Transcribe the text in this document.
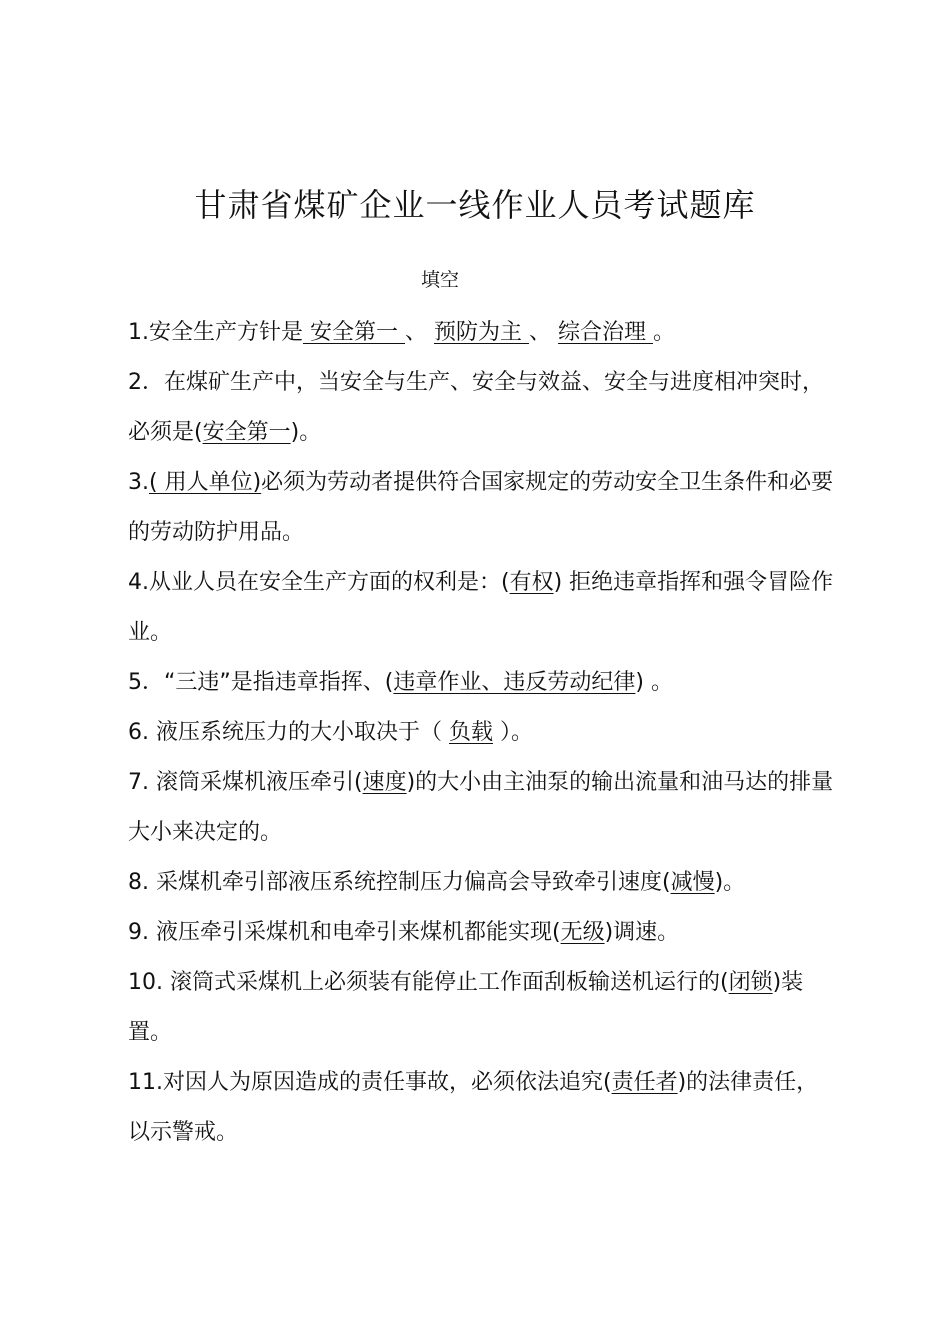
甘肃省煤矿企业一线作业人员考试题库
填空

1.安全生产方针是 安全第一 、 预防为主 、 综合治理 。

2．在煤矿生产中，当安全与生产、安全与效益、安全与进度相冲突时，必须是(安全第一)。

3.( 用人单位)必须为劳动者提供符合国家规定的劳动安全卫生条件和必要的劳动防护用品。

4.从业人员在安全生产方面的权利是：(有权) 拒绝违章指挥和强令冒险作业。

5．“三违”是指违章指挥、(违章作业、违反劳动纪律) 。

6. 液压系统压力的大小取决于（ 负载 ）。

7. 滚筒采煤机液压牵引(速度)的大小由主油泵的输出流量和油马达的排量大小来决定的。

8. 采煤机牵引部液压系统控制压力偏高会导致牵引速度(减慢)。

9. 液压牵引采煤机和电牵引来煤机都能实现(无级)调速。

10. 滚筒式采煤机上必须装有能停止工作面刮板输送机运行的(闭锁)装置。

11.对因人为原因造成的责任事故，必须依法追究(责任者)的法律责任，以示警戒。
